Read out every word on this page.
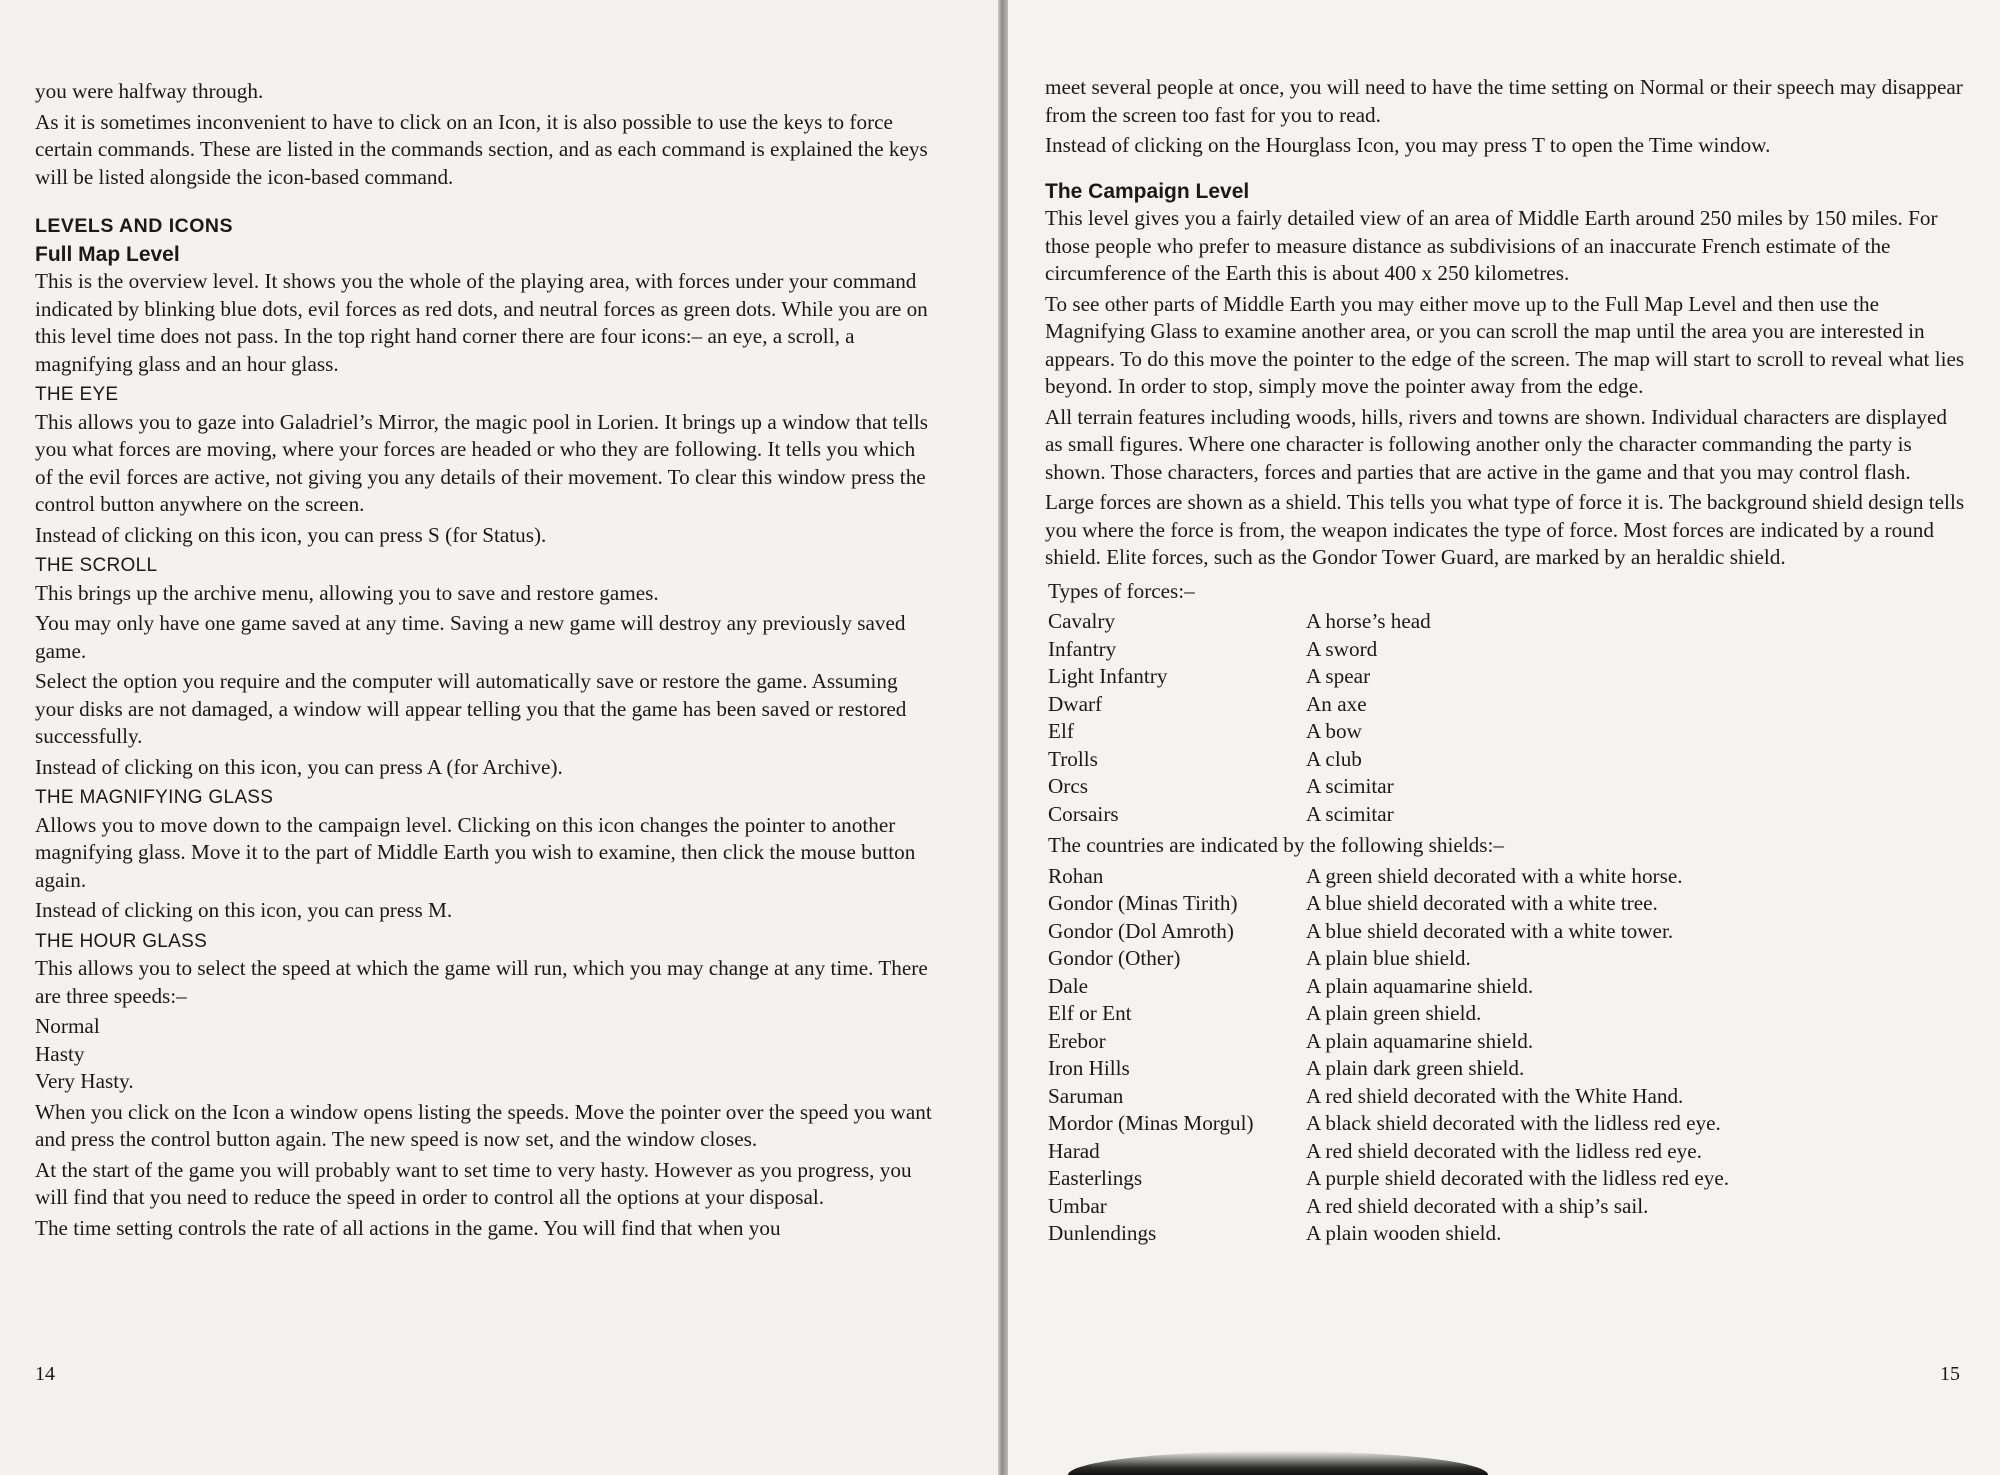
you were halfway through.

As it is sometimes inconvenient to have to click on an Icon, it is also possible to use the keys to force certain commands. These are listed in the commands section, and as each command is explained the keys will be listed alongside the icon-based command.

LEVELS AND ICONS
Full Map Level

This is the overview level. It shows you the whole of the playing area, with forces under your command indicated by blinking blue dots, evil forces as red dots, and neutral forces as green dots. While you are on this level time does not pass. In the top right hand corner there are four icons:– an eye, a scroll, a magnifying glass and an hour glass.

THE EYE

This allows you to gaze into Galadriel’s Mirror, the magic pool in Lorien. It brings up a window that tells you what forces are moving, where your forces are headed or who they are following. It tells you which of the evil forces are active, not giving you any details of their movement. To clear this window press the control button anywhere on the screen.

Instead of clicking on this icon, you can press S (for Status).

THE SCROLL

This brings up the archive menu, allowing you to save and restore games.

You may only have one game saved at any time. Saving a new game will destroy any previously saved game.

Select the option you require and the computer will automatically save or restore the game. Assuming your disks are not damaged, a window will appear telling you that the game has been saved or restored successfully.

Instead of clicking on this icon, you can press A (for Archive).

THE MAGNIFYING GLASS

Allows you to move down to the campaign level. Clicking on this icon changes the pointer to another magnifying glass. Move it to the part of Middle Earth you wish to examine, then click the mouse button again.

Instead of clicking on this icon, you can press M.

THE HOUR GLASS

This allows you to select the speed at which the game will run, which you may change at any time. There are three speeds:–

Normal
Hasty
Very Hasty.

When you click on the Icon a window opens listing the speeds. Move the pointer over the speed you want and press the control button again. The new speed is now set, and the window closes.

At the start of the game you will probably want to set time to very hasty. However as you progress, you will find that you need to reduce the speed in order to control all the options at your disposal.

The time setting controls the rate of all actions in the game. You will find that when you

14

meet several people at once, you will need to have the time setting on Normal or their speech may disappear from the screen too fast for you to read.

Instead of clicking on the Hourglass Icon, you may press T to open the Time window.

The Campaign Level

This level gives you a fairly detailed view of an area of Middle Earth around 250 miles by 150 miles. For those people who prefer to measure distance as subdivisions of an inaccurate French estimate of the circumference of the Earth this is about 400 x 250 kilometres.

To see other parts of Middle Earth you may either move up to the Full Map Level and then use the Magnifying Glass to examine another area, or you can scroll the map until the area you are interested in appears. To do this move the pointer to the edge of the screen. The map will start to scroll to reveal what lies beyond. In order to stop, simply move the pointer away from the edge.

All terrain features including woods, hills, rivers and towns are shown. Individual characters are displayed as small figures. Where one character is following another only the character commanding the party is shown. Those characters, forces and parties that are active in the game and that you may control flash.

Large forces are shown as a shield. This tells you what type of force it is. The background shield design tells you where the force is from, the weapon indicates the type of force. Most forces are indicated by a round shield. Elite forces, such as the Gondor Tower Guard, are marked by an heraldic shield.

Types of forces:–

Cavalry	A horse’s head
Infantry	A sword
Light Infantry	A spear
Dwarf	An axe
Elf	A bow
Trolls	A club
Orcs	A scimitar
Corsairs	A scimitar

The countries are indicated by the following shields:–

Rohan	A green shield decorated with a white horse.
Gondor (Minas Tirith)	A blue shield decorated with a white tree.
Gondor (Dol Amroth)	A blue shield decorated with a white tower.
Gondor (Other)	A plain blue shield.
Dale	A plain aquamarine shield.
Elf or Ent	A plain green shield.
Erebor	A plain aquamarine shield.
Iron Hills	A plain dark green shield.
Saruman	A red shield decorated with the White Hand.
Mordor (Minas Morgul)	A black shield decorated with the lidless red eye.
Harad	A red shield decorated with the lidless red eye.
Easterlings	A purple shield decorated with the lidless red eye.
Umbar	A red shield decorated with a ship’s sail.
Dunlendings	A plain wooden shield.
15
